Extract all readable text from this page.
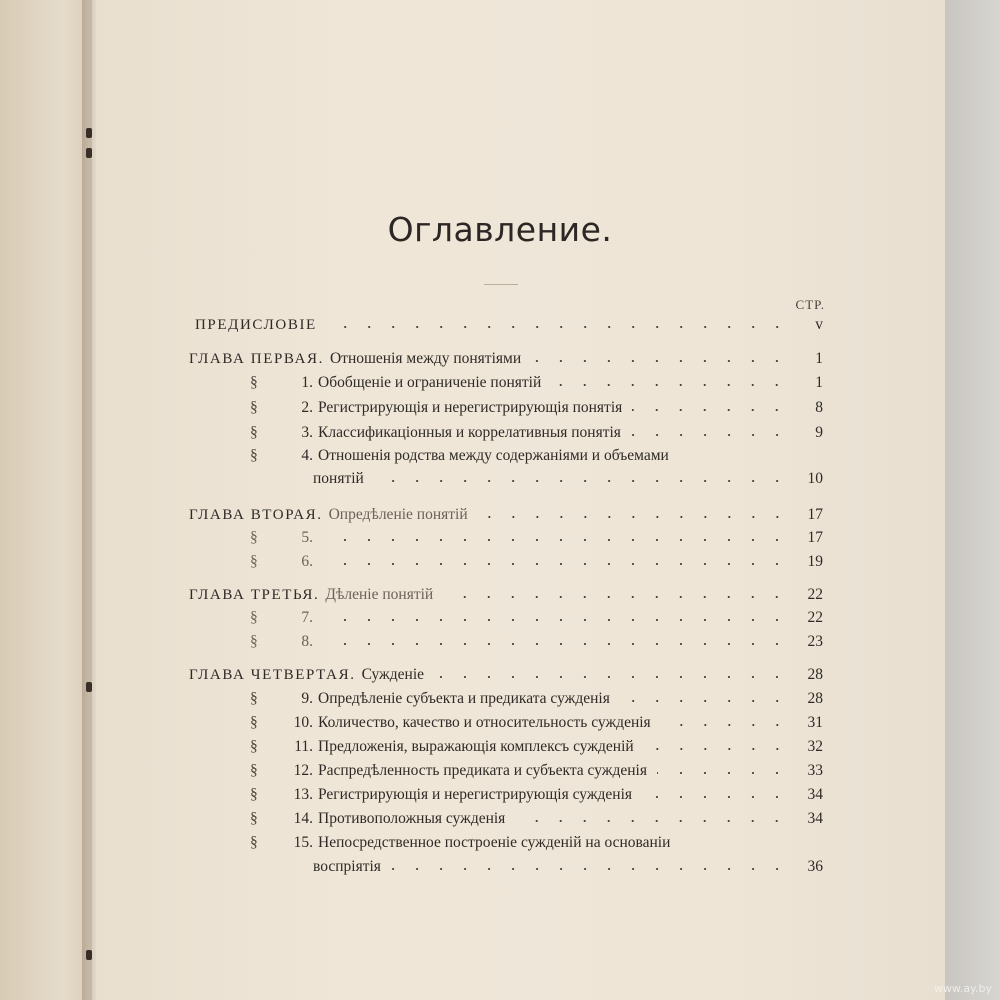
Оглавление.
СТР.
ПРЕДИСЛОВІЕ	v
ГЛАВА ПЕРВАЯ. Отношенія между понятіями	1
§	1. Обобщеніе и ограниченіе понятій	1
§	2. Регистрирующія и нерегистрирующія понятія	8
§	3. Классификаціонныя и коррелативныя понятія	9
§	4. Отношенія родства между содержаніями и объемами
понятій	10
ГЛАВА ВТОРАЯ. Опредѣленіе понятій	17
§	5.	17
§	6.	19
ГЛАВА ТРЕТЬЯ. Дѣленіе понятій	22
§	7.	22
§	8.	23
ГЛАВА ЧЕТВЕРТАЯ. Сужденіе	28
§	9. Опредѣленіе субъекта и предиката сужденія	28
§	10. Количество, качество и относительность сужденія	31
§	11. Предложенія, выражающія комплексъ сужденій	32
§	12. Распредѣленность предиката и субъекта сужденія	33
§	13. Регистрирующія и нерегистрирующія сужденія	34
§	14. Противоположныя сужденія	34
§	15. Непосредственное построеніе сужденій на основаніи
воспріятія	36
www.ay.by
